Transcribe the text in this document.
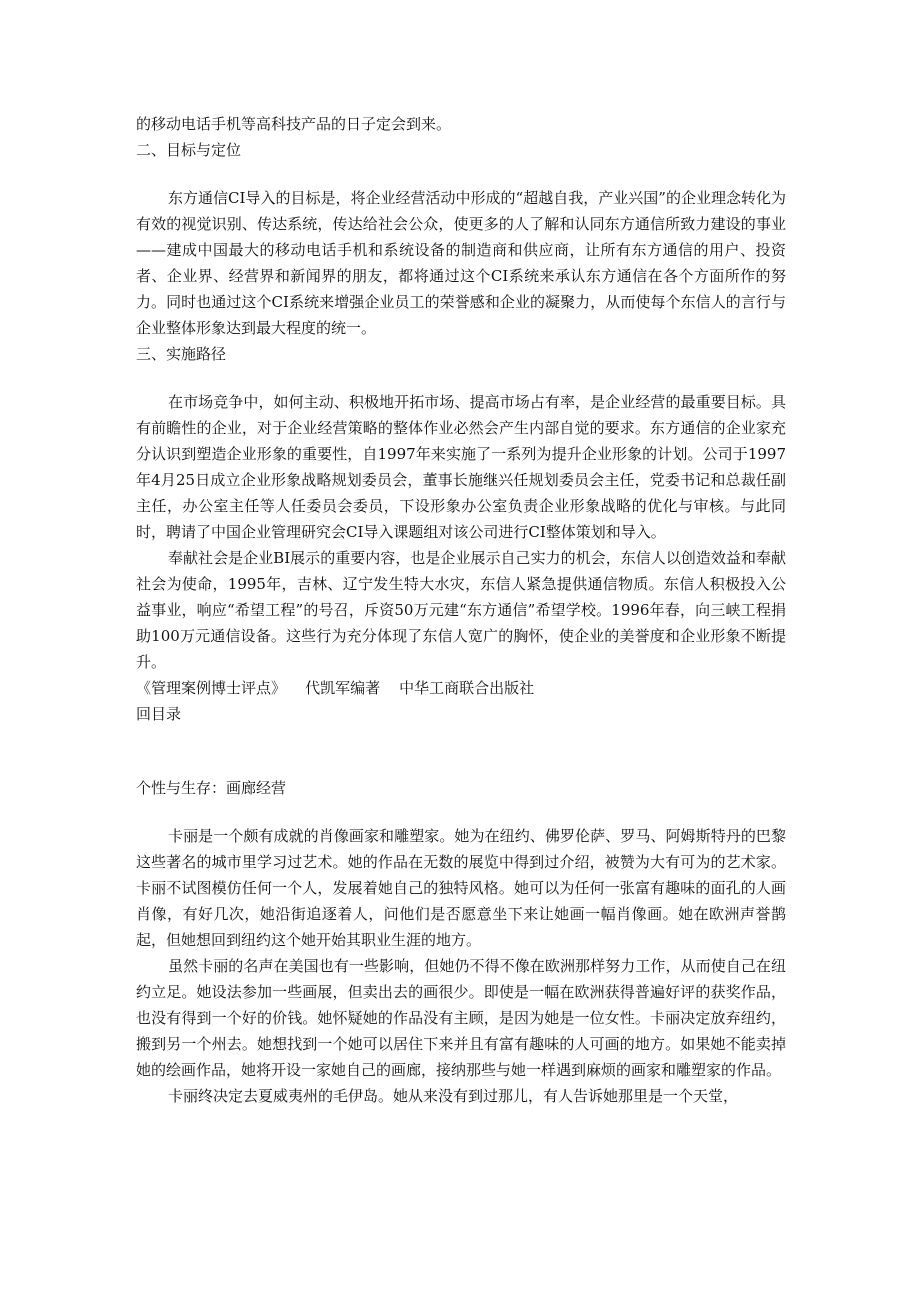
的移动电话手机等高科技产品的日子定会到来。

二、目标与定位

东方通信CI导入的目标是，将企业经营活动中形成的“超越自我，产业兴国”的企业理念转化为有效的视觉识别、传达系统，传达给社会公众，使更多的人了解和认同东方通信所致力建设的事业——建成中国最大的移动电话手机和系统设备的制造商和供应商，让所有东方通信的用户、投资者、企业界、经营界和新闻界的朋友，都将通过这个CI系统来承认东方通信在各个方面所作的努力。同时也通过这个CI系统来增强企业员工的荣誉感和企业的凝聚力，从而使每个东信人的言行与企业整体形象达到最大程度的统一。

三、实施路径

在市场竞争中，如何主动、积极地开拓市场、提高市场占有率，是企业经营的最重要目标。具有前瞻性的企业，对于企业经营策略的整体作业必然会产生内部自觉的要求。东方通信的企业家充分认识到塑造企业形象的重要性，自1997年来实施了一系列为提升企业形象的计划。公司于1997年4月25日成立企业形象战略规划委员会，董事长施继兴任规划委员会主任，党委书记和总裁任副主任，办公室主任等人任委员会委员，下设形象办公室负责企业形象战略的优化与审核。与此同时，聘请了中国企业管理研究会CI导入课题组对该公司进行CI整体策划和导入。

奉献社会是企业BI展示的重要内容，也是企业展示自己实力的机会，东信人以创造效益和奉献社会为使命，1995年，吉林、辽宁发生特大水灾，东信人紧急提供通信物质。东信人积极投入公益事业，响应“希望工程”的号召，斥资50万元建“东方通信”希望学校。1996年春，向三峡工程捐助100万元通信设备。这些行为充分体现了东信人宽广的胸怀，使企业的美誉度和企业形象不断提升。

《管理案例博士评点》    代凯军编著    中华工商联合出版社

回目录

个性与生存：画廊经营

卡丽是一个颇有成就的肖像画家和雕塑家。她为在纽约、佛罗伦萨、罗马、阿姆斯特丹的巴黎这些著名的城市里学习过艺术。她的作品在无数的展览中得到过介绍，被赞为大有可为的艺术家。卡丽不试图模仿任何一个人，发展着她自己的独特风格。她可以为任何一张富有趣味的面孔的人画肖像，有好几次，她沿街追逐着人，问他们是否愿意坐下来让她画一幅肖像画。她在欧洲声誉鹊起，但她想回到纽约这个她开始其职业生涯的地方。

虽然卡丽的名声在美国也有一些影响，但她仍不得不像在欧洲那样努力工作，从而使自己在纽约立足。她设法参加一些画展，但卖出去的画很少。即使是一幅在欧洲获得普遍好评的获奖作品，也没有得到一个好的价钱。她怀疑她的作品没有主顾，是因为她是一位女性。卡丽决定放弃纽约，搬到另一个州去。她想找到一个她可以居住下来并且有富有趣味的人可画的地方。如果她不能卖掉她的绘画作品，她将开设一家她自己的画廊，接纳那些与她一样遇到麻烦的画家和雕塑家的作品。

卡丽终决定去夏威夷州的毛伊岛。她从来没有到过那儿，有人告诉她那里是一个天堂，
